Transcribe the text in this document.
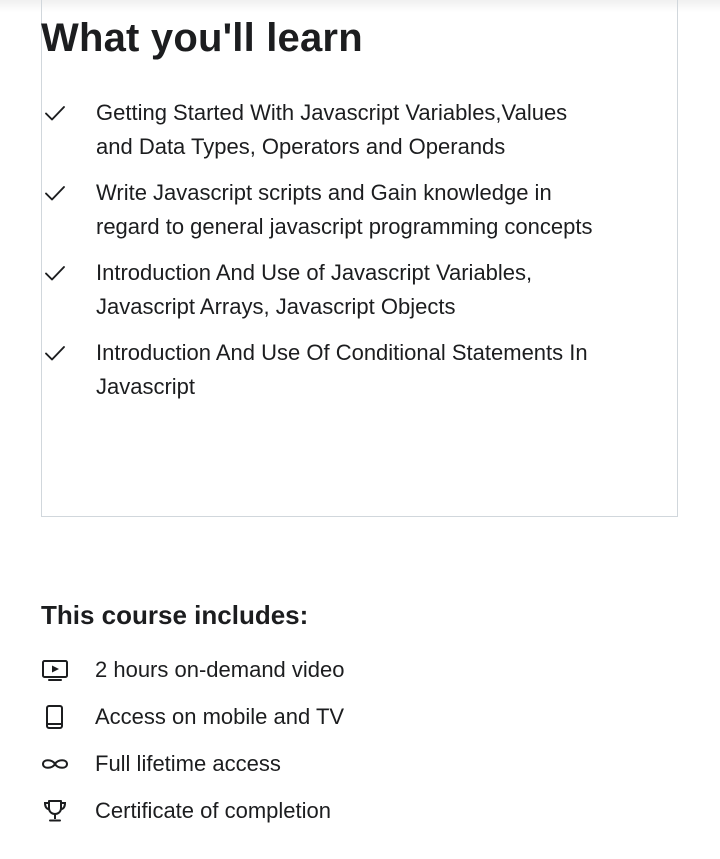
What you'll learn
Getting Started With Javascript Variables,Values and Data Types, Operators and Operands
Write Javascript scripts and Gain knowledge in regard to general javascript programming concepts
Introduction And Use of Javascript Variables, Javascript Arrays, Javascript Objects
Introduction And Use Of Conditional Statements In Javascript
This course includes:
2 hours on-demand video
Access on mobile and TV
Full lifetime access
Certificate of completion
